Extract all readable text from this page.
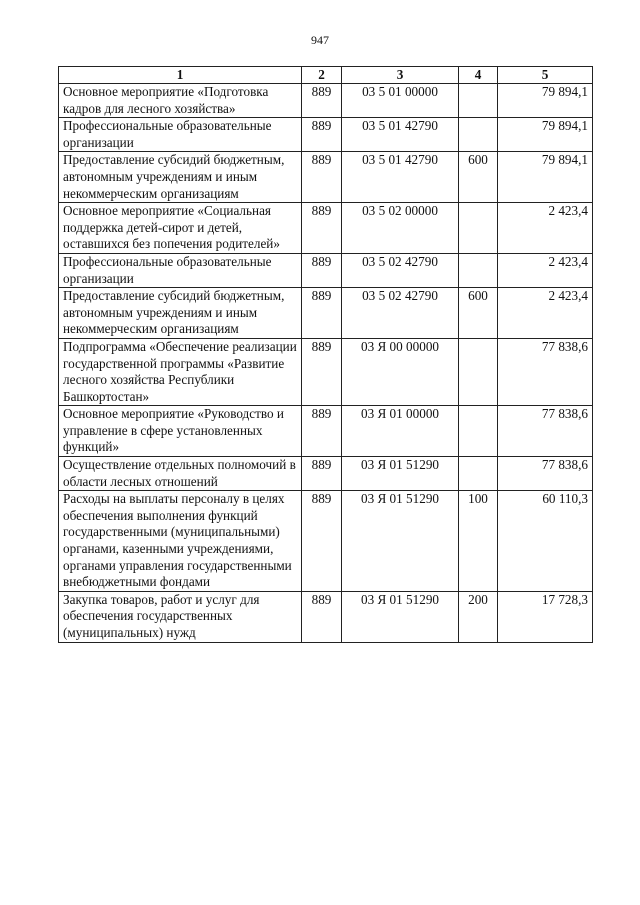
947
1	2	3	4	5
Основное мероприятие «Подготовка кадров для лесного хозяйства»	889	03 5 01 00000		79 894,1
Профессиональные образовательные организации	889	03 5 01 42790		79 894,1
Предоставление субсидий бюджетным, автономным учреждениям и иным некоммерческим организациям	889	03 5 01 42790	600	79 894,1
Основное мероприятие «Социальная поддержка детей-сирот и детей, оставшихся без попечения родителей»	889	03 5 02 00000		2 423,4
Профессиональные образовательные организации	889	03 5 02 42790		2 423,4
Предоставление субсидий бюджетным, автономным учреждениям и иным некоммерческим организациям	889	03 5 02 42790	600	2 423,4
Подпрограмма «Обеспечение реализации государственной программы «Развитие лесного хозяйства Республики Башкортостан»	889	03 Я 00 00000		77 838,6
Основное мероприятие «Руководство и управление в сфере установленных функций»	889	03 Я 01 00000		77 838,6
Осуществление отдельных полномочий в области лесных отношений	889	03 Я 01 51290		77 838,6
Расходы на выплаты персоналу в целях обеспечения выполнения функций государственными (муниципальными) органами, казенными учреждениями, органами управления государственными внебюджетными фондами	889	03 Я 01 51290	100	60 110,3
Закупка товаров, работ и услуг для обеспечения государственных (муниципальных) нужд	889	03 Я 01 51290	200	17 728,3
